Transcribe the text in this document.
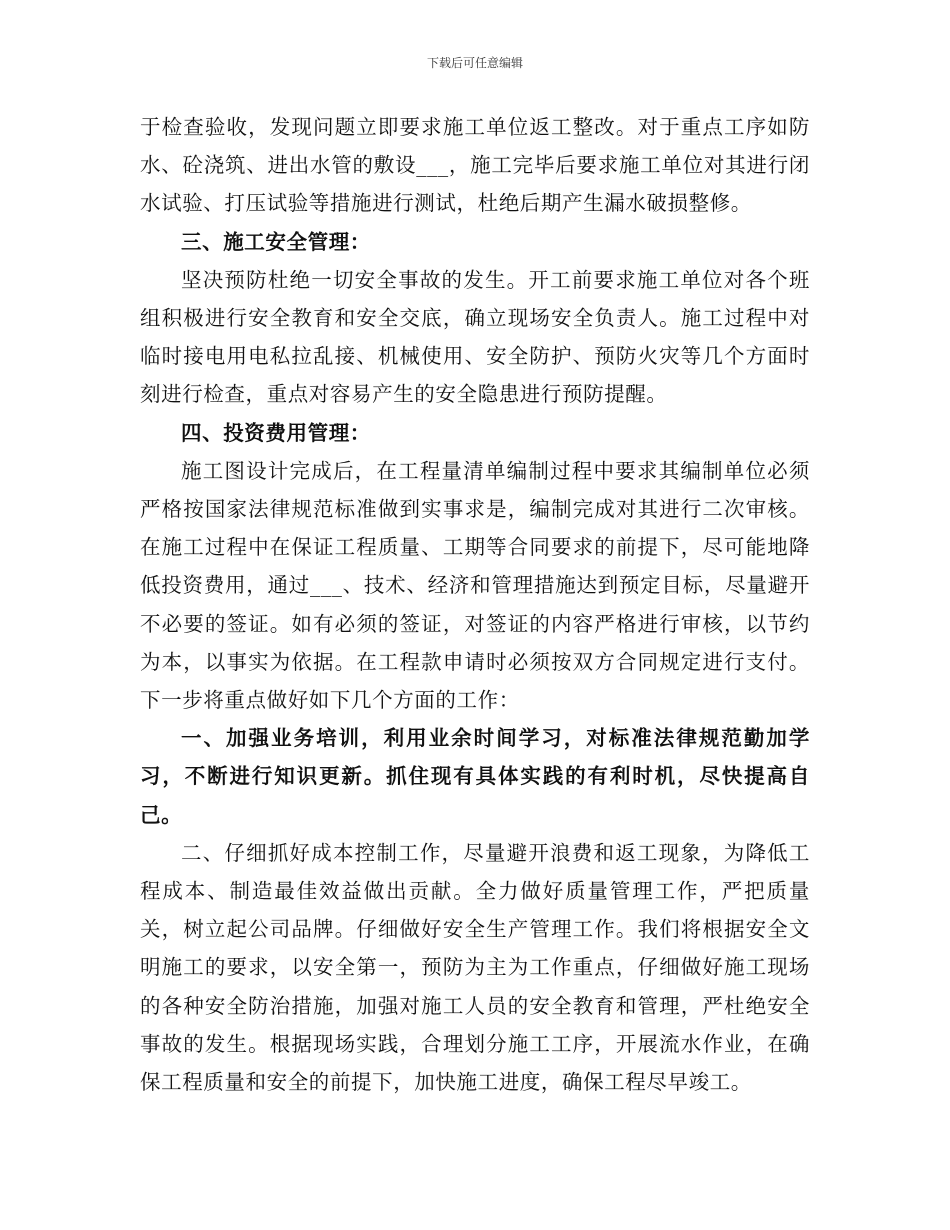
下载后可任意编辑

于检查验收，发现问题立即要求施工单位返工整改。对于重点工序如防水、砼浇筑、进出水管的敷设___，施工完毕后要求施工单位对其进行闭水试验、打压试验等措施进行测试，杜绝后期产生漏水破损整修。

三、施工安全管理：

坚决预防杜绝一切安全事故的发生。开工前要求施工单位对各个班组积极进行安全教育和安全交底，确立现场安全负责人。施工过程中对临时接电用电私拉乱接、机械使用、安全防护、预防火灾等几个方面时刻进行检查，重点对容易产生的安全隐患进行预防提醒。

四、投资费用管理：

施工图设计完成后，在工程量清单编制过程中要求其编制单位必须严格按国家法律规范标准做到实事求是，编制完成对其进行二次审核。在施工过程中在保证工程质量、工期等合同要求的前提下，尽可能地降低投资费用，通过___、技术、经济和管理措施达到预定目标，尽量避开不必要的签证。如有必须的签证，对签证的内容严格进行审核，以节约为本，以事实为依据。在工程款申请时必须按双方合同规定进行支付。下一步将重点做好如下几个方面的工作：

一、加强业务培训，利用业余时间学习，对标准法律规范勤加学习，不断进行知识更新。抓住现有具体实践的有利时机，尽快提高自己。

二、仔细抓好成本控制工作，尽量避开浪费和返工现象，为降低工程成本、制造最佳效益做出贡献。全力做好质量管理工作，严把质量关，树立起公司品牌。仔细做好安全生产管理工作。我们将根据安全文明施工的要求，以安全第一，预防为主为工作重点，仔细做好施工现场的各种安全防治措施，加强对施工人员的安全教育和管理，严杜绝安全事故的发生。根据现场实践，合理划分施工工序，开展流水作业，在确保工程质量和安全的前提下，加快施工进度，确保工程尽早竣工。
